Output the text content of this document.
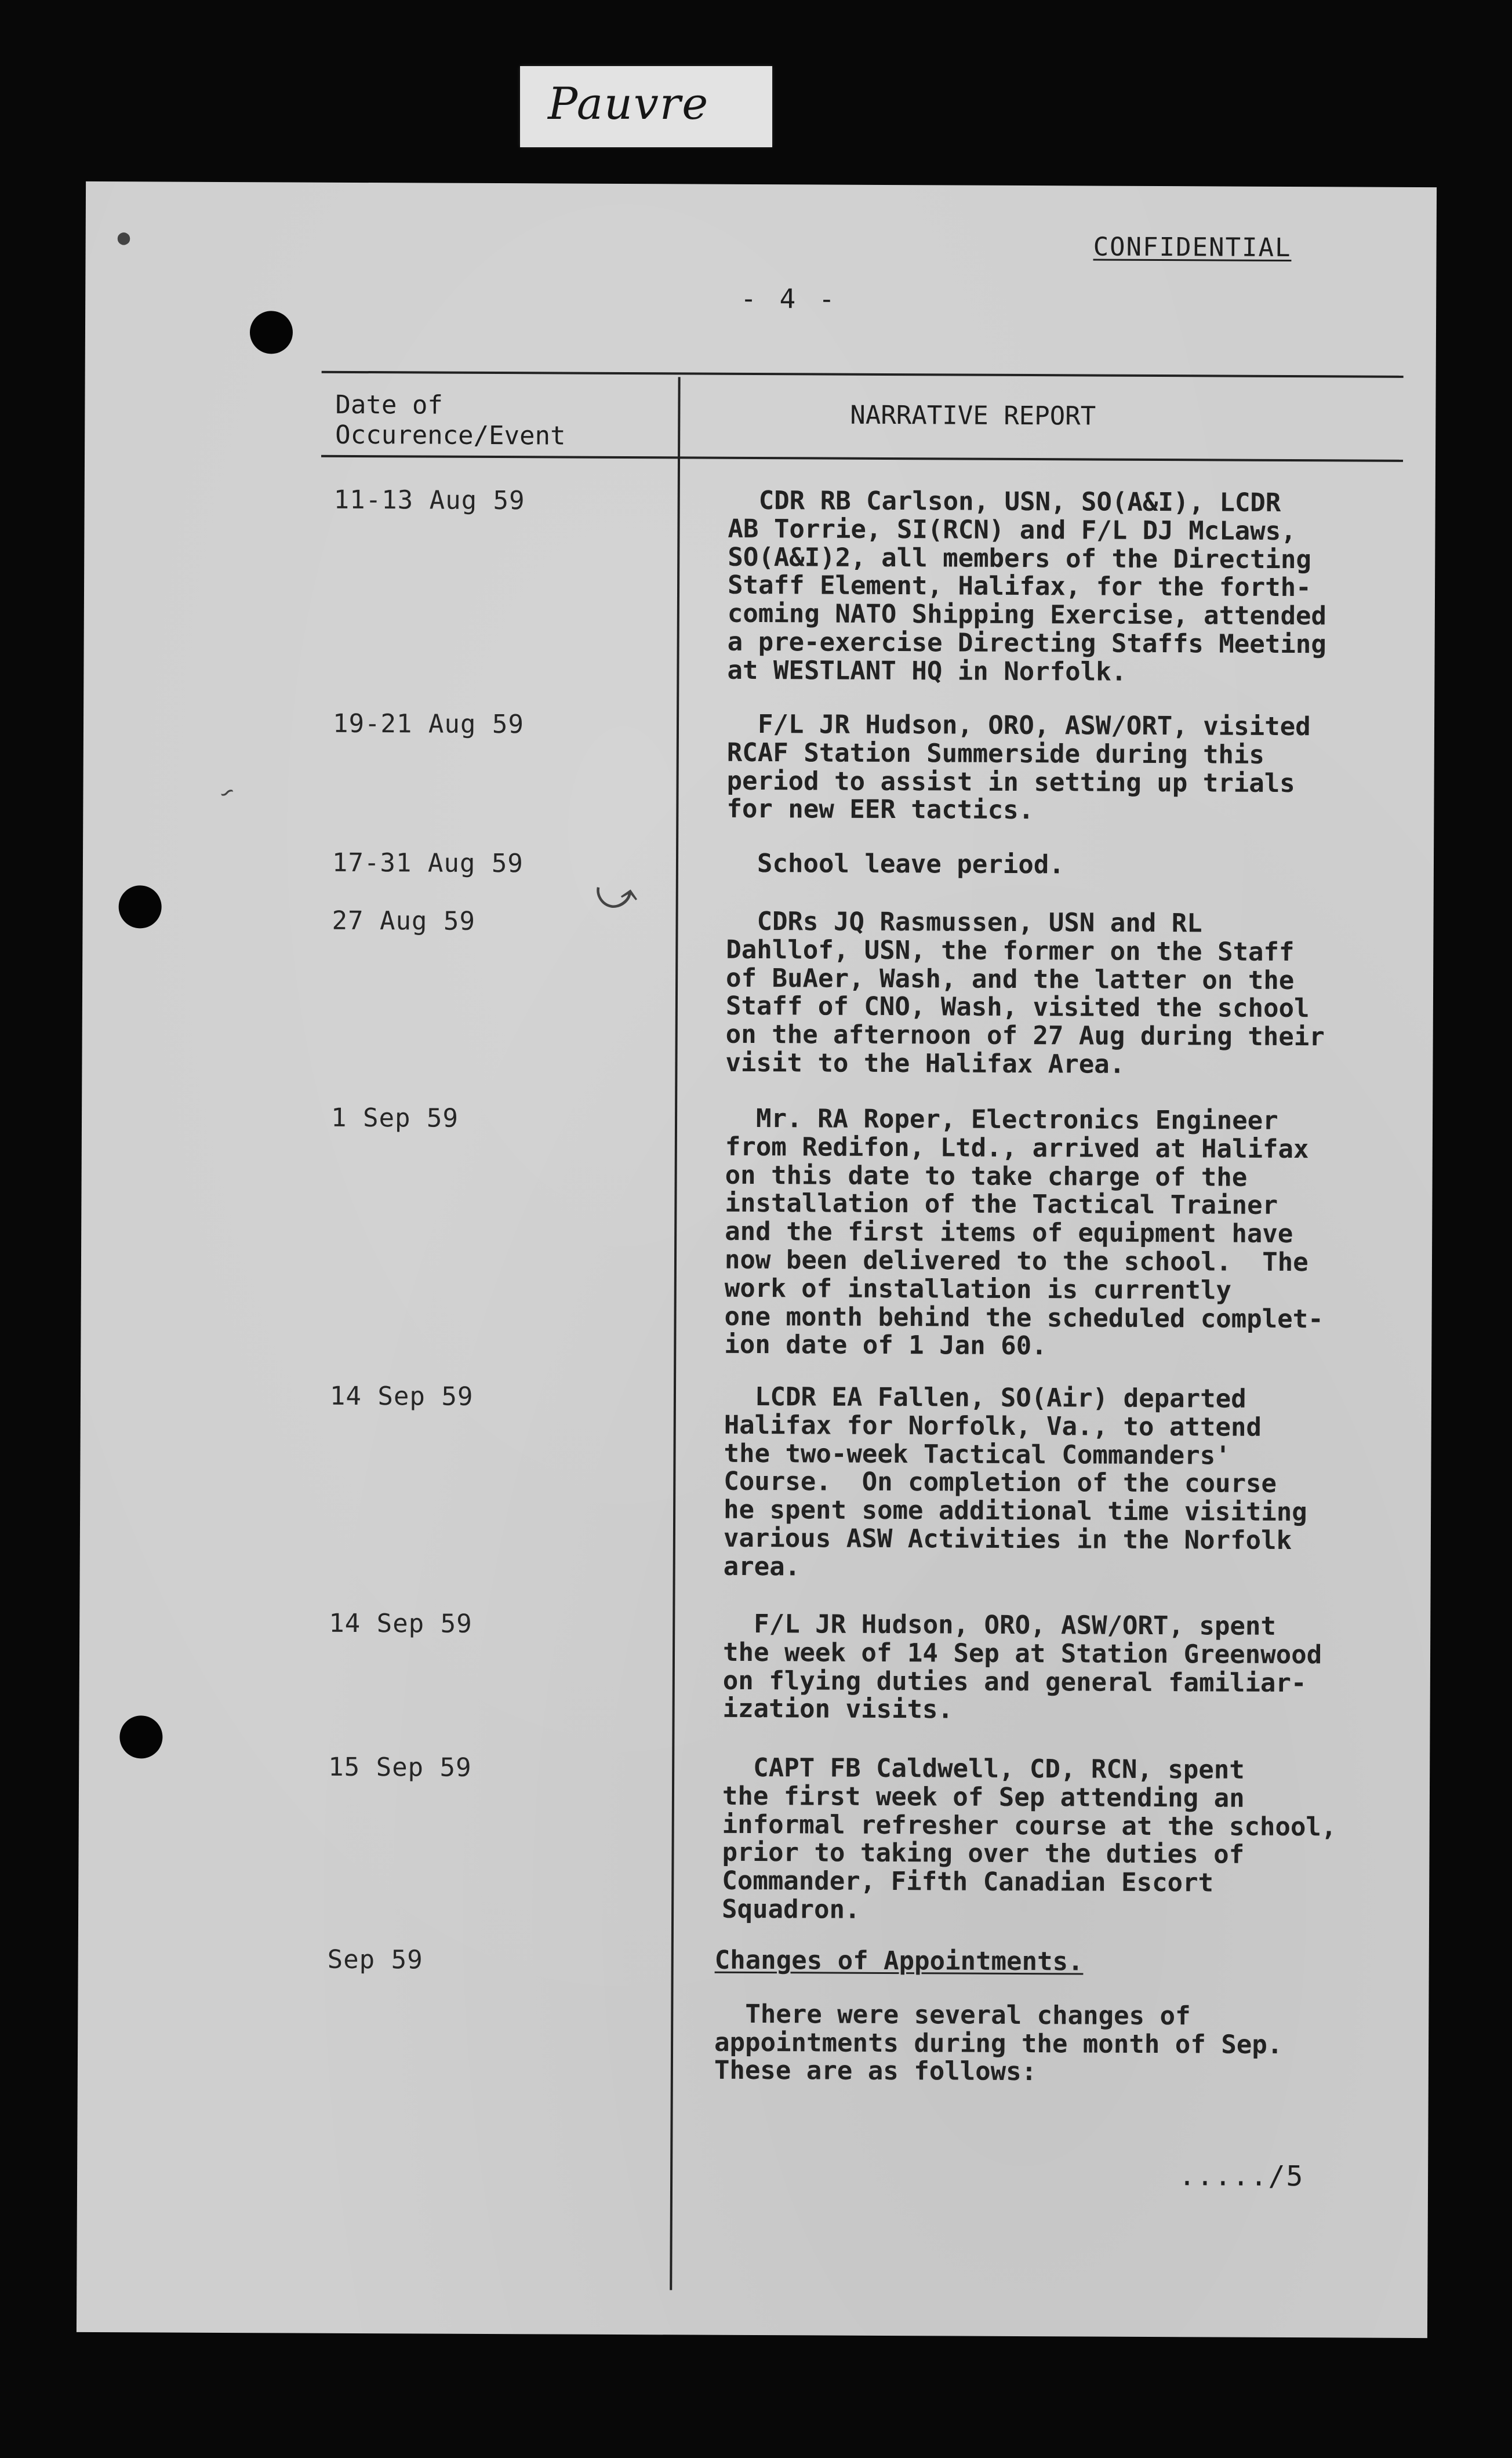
Pauvre
CONFIDENTIAL
- 4 -
Date of
Occurence/Event
NARRATIVE REPORT
11-13 Aug 59	CDR RB Carlson, USN, SO(A&I), LCDR
AB Torrie, SI(RCN) and F/L DJ McLaws,
SO(A&I)2, all members of the Directing
Staff Element, Halifax, for the forth-
coming NATO Shipping Exercise, attended
a pre-exercise Directing Staffs Meeting
at WESTLANT HQ in Norfolk.
19-21 Aug 59	F/L JR Hudson, ORO, ASW/ORT, visited
RCAF Station Summerside during this
period to assist in setting up trials
for new EER tactics.
17-31 Aug 59	School leave period.
27 Aug 59	CDRs JQ Rasmussen, USN and RL
Dahllof, USN, the former on the Staff
of BuAer, Wash, and the latter on the
Staff of CNO, Wash, visited the school
on the afternoon of 27 Aug during their
visit to the Halifax Area.
1 Sep 59	Mr. RA Roper, Electronics Engineer
from Redifon, Ltd., arrived at Halifax
on this date to take charge of the
installation of the Tactical Trainer
and the first items of equipment have
now been delivered to the school.  The
work of installation is currently
one month behind the scheduled complet-
ion date of 1 Jan 60.
14 Sep 59	LCDR EA Fallen, SO(Air) departed
Halifax for Norfolk, Va., to attend
the two-week Tactical Commanders'
Course.  On completion of the course
he spent some additional time visiting
various ASW Activities in the Norfolk
area.
14 Sep 59	F/L JR Hudson, ORO, ASW/ORT, spent
the week of 14 Sep at Station Greenwood
on flying duties and general familiar-
ization visits.
15 Sep 59	CAPT FB Caldwell, CD, RCN, spent
the first week of Sep attending an
informal refresher course at the school,
prior to taking over the duties of
Commander, Fifth Canadian Escort
Squadron.
Sep 59	Changes of Appointments.
There were several changes of
appointments during the month of Sep.
These are as follows:
...../5
●
∽
⤻
